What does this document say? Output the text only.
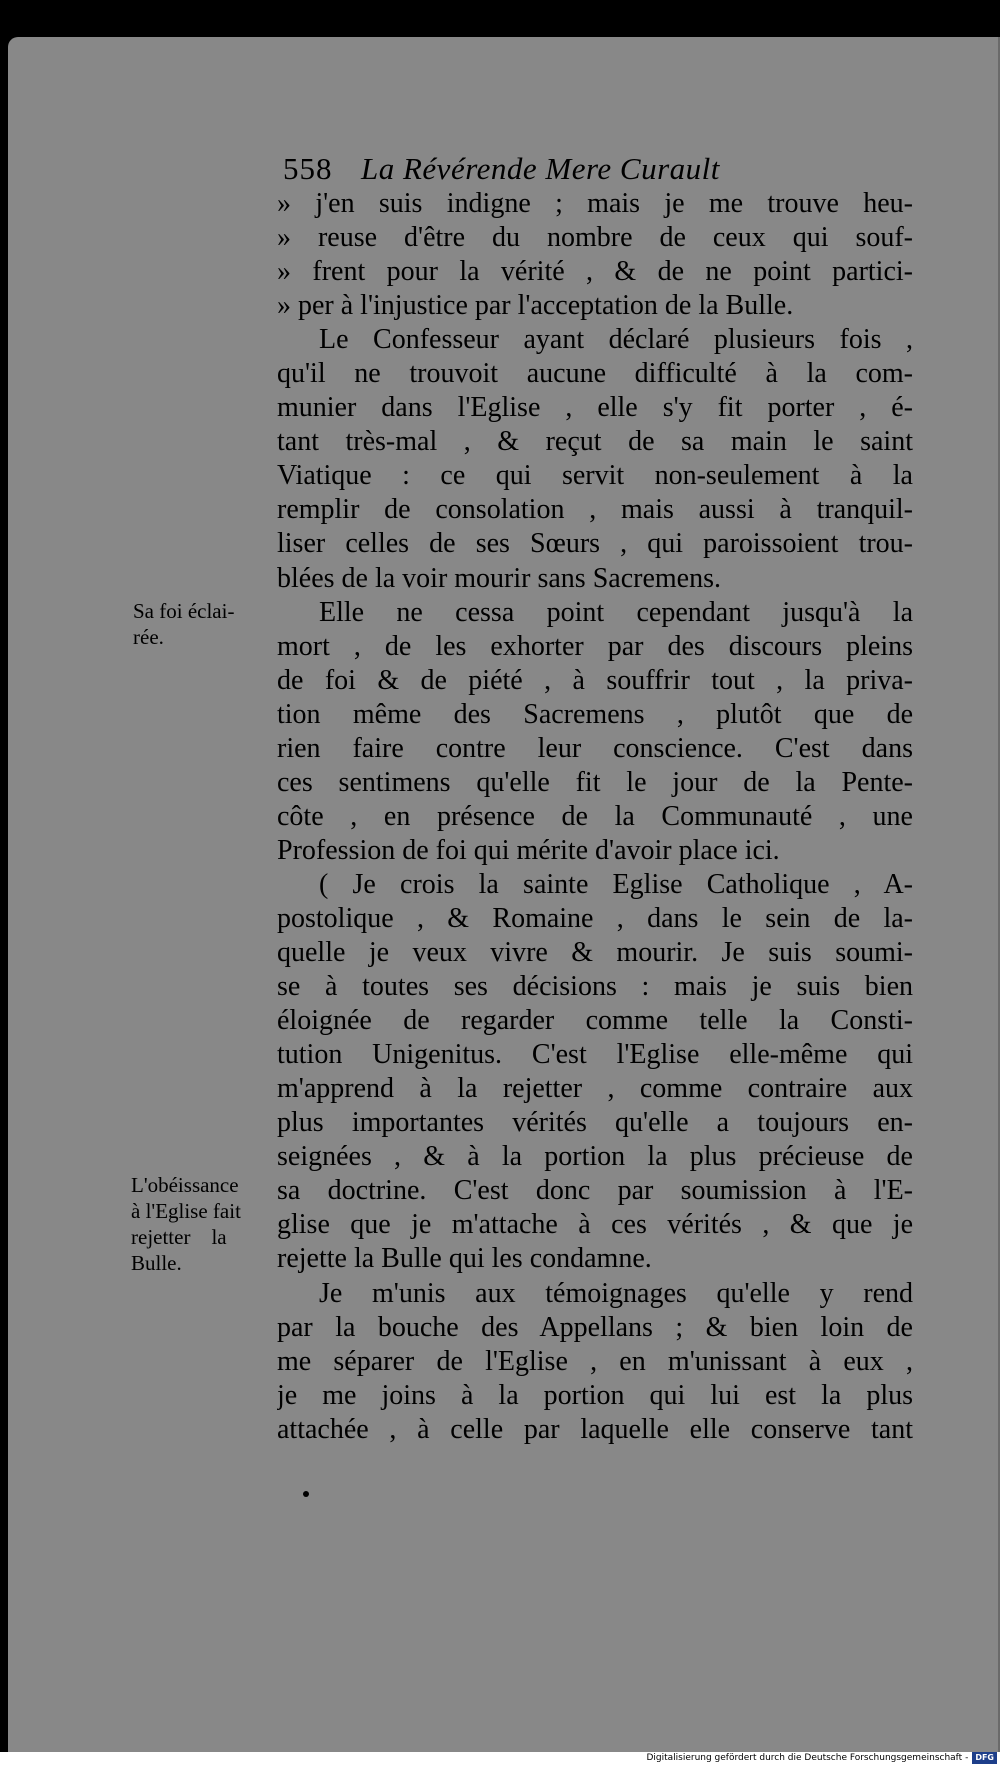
558 La Révérende Mere Curault
» j'en suis indigne ; mais je me trouve heu-
» reuse d'être du nombre de ceux qui souf-
» frent pour la vérité , & de ne point partici-
» per à l'injustice par l'acceptation de la Bulle.
Le Confesseur ayant déclaré plusieurs fois ,
qu'il ne trouvoit aucune difficulté à la com-
munier dans l'Eglise , elle s'y fit porter , é-
tant très-mal , & reçut de sa main le saint
Viatique : ce qui servit non-seulement à la
remplir de consolation , mais aussi à tranquil-
liser celles de ses Sœurs , qui paroissoient trou-
blées de la voir mourir sans Sacremens.
Elle ne cessa point cependant jusqu'à la
mort , de les exhorter par des discours pleins
de foi & de piété , à souffrir tout , la priva-
tion même des Sacremens , plutôt que de
rien faire contre leur conscience. C'est dans
ces sentimens qu'elle fit le jour de la Pente-
côte , en présence de la Communauté , une
Profession de foi qui mérite d'avoir place ici.
( Je crois la sainte Eglise Catholique , A-
postolique , & Romaine , dans le sein de la-
quelle je veux vivre & mourir. Je suis soumi-
se à toutes ses décisions : mais je suis bien
éloignée de regarder comme telle la Consti-
tution Unigenitus. C'est l'Eglise elle-même qui
m'apprend à la rejetter , comme contraire aux
plus importantes vérités qu'elle a toujours en-
seignées , & à la portion la plus précieuse de
sa doctrine. C'est donc par soumission à l'E-
glise que je m'attache à ces vérités , & que je
rejette la Bulle qui les condamne.
Je m'unis aux témoignages qu'elle y rend
par la bouche des Appellans ; & bien loin de
me séparer de l'Eglise , en m'unissant à eux ,
je me joins à la portion qui lui est la plus
attachée , à celle par laquelle elle conserve tant
Sa foi éclai-
rée.
L'obéissance
à l'Eglise fait
rejetter    la
Bulle.
Digitalisierung gefördert durch die Deutsche Forschungsgemeinschaft - DFG
